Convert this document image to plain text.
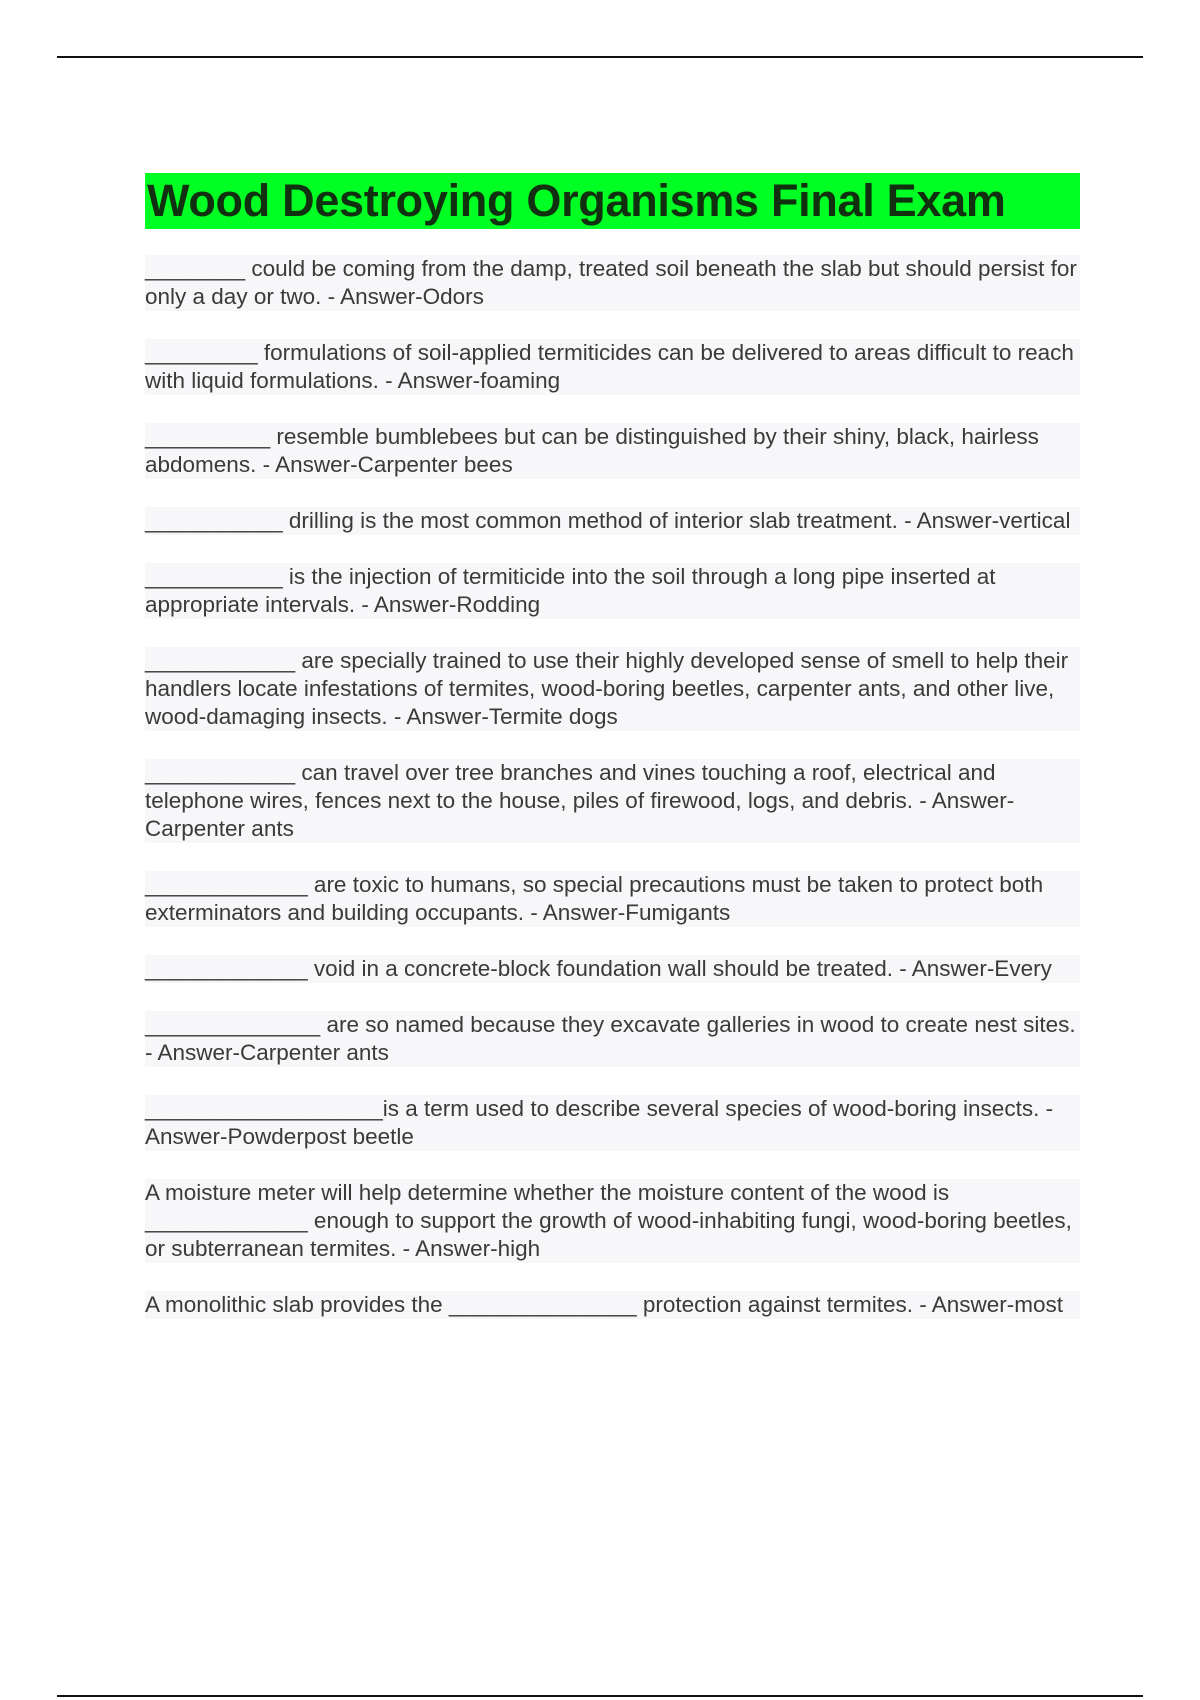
Wood Destroying Organisms Final Exam

________ could be coming from the damp, treated soil beneath the slab but should persist for only a day or two. - Answer-Odors

_________ formulations of soil-applied termiticides can be delivered to areas difficult to reach with liquid formulations. - Answer-foaming

__________ resemble bumblebees but can be distinguished by their shiny, black, hairless abdomens. - Answer-Carpenter bees

___________ drilling is the most common method of interior slab treatment. - Answer-vertical

___________ is the injection of termiticide into the soil through a long pipe inserted at appropriate intervals. - Answer-Rodding

____________ are specially trained to use their highly developed sense of smell to help their handlers locate infestations of termites, wood-boring beetles, carpenter ants, and other live, wood-damaging insects. - Answer-Termite dogs

____________ can travel over tree branches and vines touching a roof, electrical and telephone wires, fences next to the house, piles of firewood, logs, and debris. - Answer-Carpenter ants

_____________ are toxic to humans, so special precautions must be taken to protect both exterminators and building occupants. - Answer-Fumigants

_____________ void in a concrete-block foundation wall should be treated. - Answer-Every

______________ are so named because they excavate galleries in wood to create nest sites. - Answer-Carpenter ants

___________________is a term used to describe several species of wood-boring insects. - Answer-Powderpost beetle

A moisture meter will help determine whether the moisture content of the wood is _____________ enough to support the growth of wood-inhabiting fungi, wood-boring beetles, or subterranean termites. - Answer-high

A monolithic slab provides the _______________ protection against termites. - Answer-most
